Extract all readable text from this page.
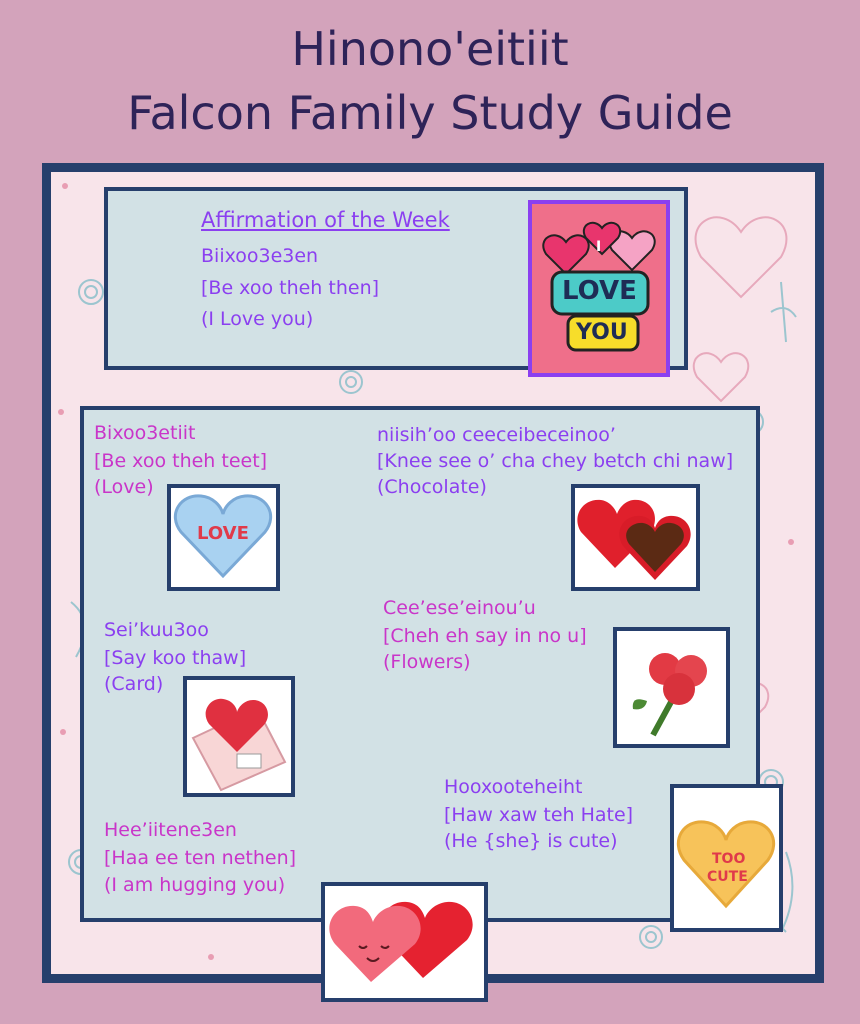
Hinono'eitiit
Falcon Family Study Guide
Affirmation of the Week
Biixoo3e3en
[Be xoo theh then]
(I Love you)
I
LOVE
YOU
Bixoo3etiit
[Be xoo theh teet]
(Love)
LOVE
niisih’oo ceeceibeceinoo’
[Knee see o’ cha chey betch chi naw]
(Chocolate)
Sei’kuu3oo
[Say koo thaw]
(Card)
Cee’ese’einou’u
[Cheh eh say in no u]
(Flowers)
Hooxooteheiht
[Haw xaw teh Hate]
(He {she} is cute)
TOO
CUTE
Hee’iitene3en
[Haa ee ten nethen]
(I am hugging you)
